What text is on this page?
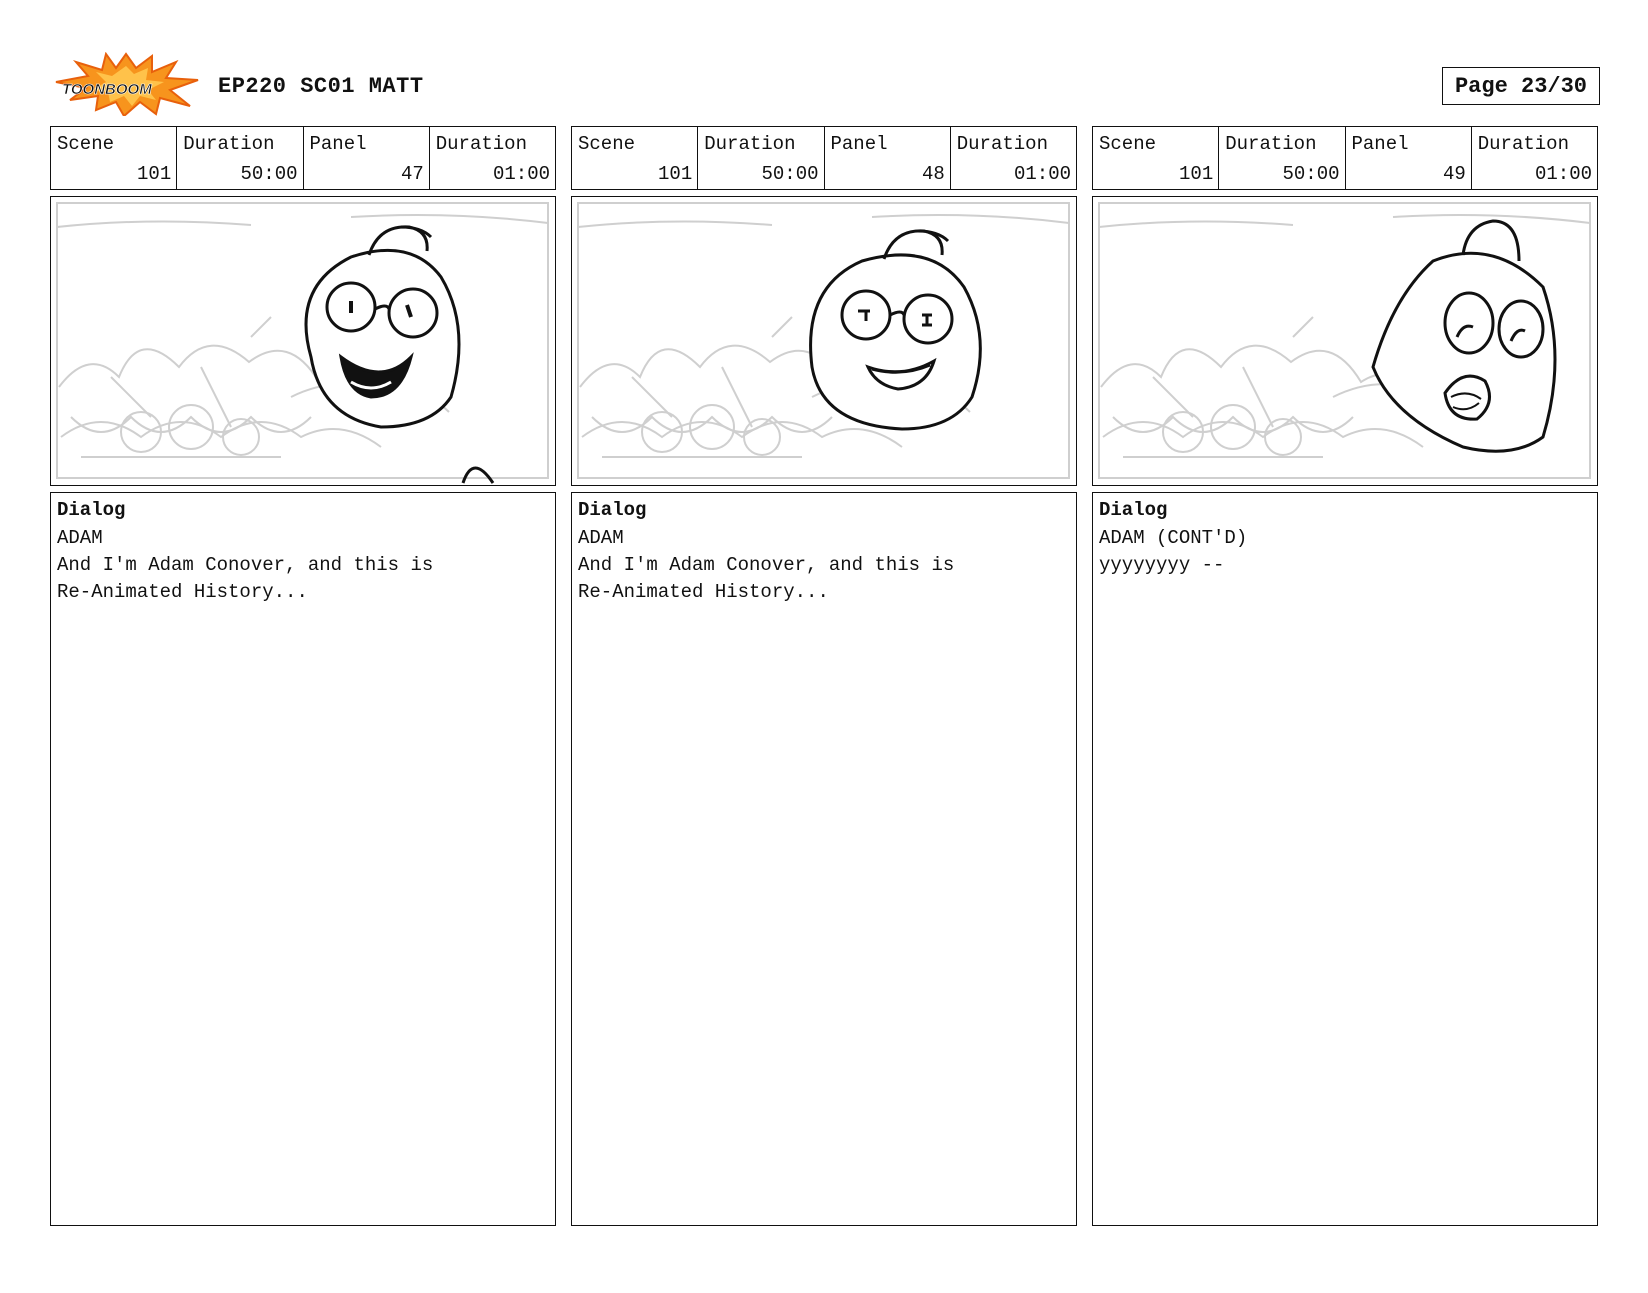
TOONBOOM	EP220 SC01 MATT	Page 23/30
Scene
101
Duration
50:00
Panel
47
Duration
01:00
Dialog
ADAM
And I'm Adam Conover, and this is
Re-Animated History...
Scene
101
Duration
50:00
Panel
48
Duration
01:00
Dialog
ADAM
And I'm Adam Conover, and this is
Re-Animated History...
Scene
101
Duration
50:00
Panel
49
Duration
01:00
Dialog
ADAM (CONT'D)
yyyyyyyy --
